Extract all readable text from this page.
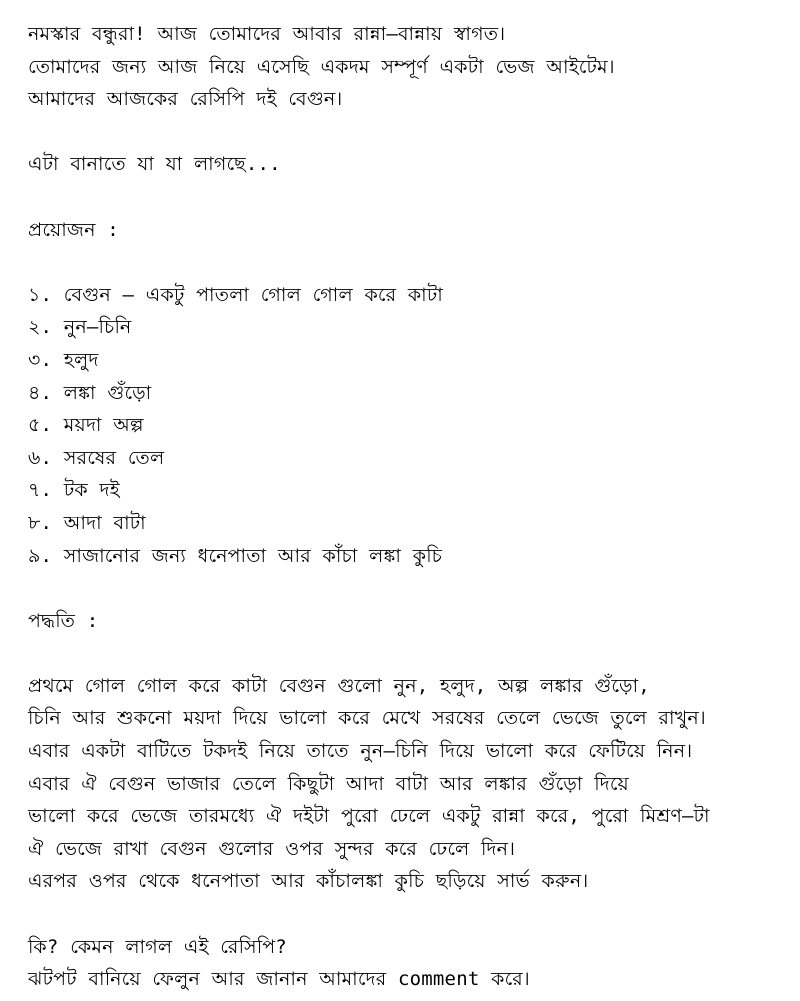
নমস্কার বন্ধুরা! আজ তোমাদের আবার রান্না–বান্নায় স্বাগত।
তোমাদের জন্য আজ নিয়ে এসেছি একদম সম্পূর্ণ একটা ভেজ আইটেম।
আমাদের আজকের রেসিপি দই বেগুন।
এটা বানাতে যা যা লাগছে...
প্রয়োজন :
১. বেগুন – একটু পাতলা গোল গোল করে কাটা
২. নুন–চিনি
৩. হলুদ
৪. লঙ্কা গুঁড়ো
৫. ময়দা অল্প
৬. সরষের তেল
৭. টক দই
৮. আদা বাটা
৯. সাজানোর জন্য ধনেপাতা আর কাঁচা লঙ্কা কুচি
পদ্ধতি :
প্রথমে গোল গোল করে কাটা বেগুন গুলো নুন, হলুদ, অল্প লঙ্কার গুঁড়ো,
চিনি আর শুকনো ময়দা দিয়ে ভালো করে মেখে সরষের তেলে ভেজে তুলে রাখুন।
এবার একটা বাটিতে টকদই নিয়ে তাতে নুন–চিনি দিয়ে ভালো করে ফেটিয়ে নিন।
এবার ঐ বেগুন ভাজার তেলে কিছুটা আদা বাটা আর লঙ্কার গুঁড়ো দিয়ে
ভালো করে ভেজে তারমধ্যে ঐ দইটা পুরো ঢেলে একটু রান্না করে, পুরো মিশ্রণ–টা
ঐ ভেজে রাখা বেগুন গুলোর ওপর সুন্দর করে ঢেলে দিন।
এরপর ওপর থেকে ধনেপাতা আর কাঁচালঙ্কা কুচি ছড়িয়ে সার্ভ করুন।
কি? কেমন লাগল এই রেসিপি?
ঝটপট বানিয়ে ফেলুন আর জানান আমাদের comment করে।
